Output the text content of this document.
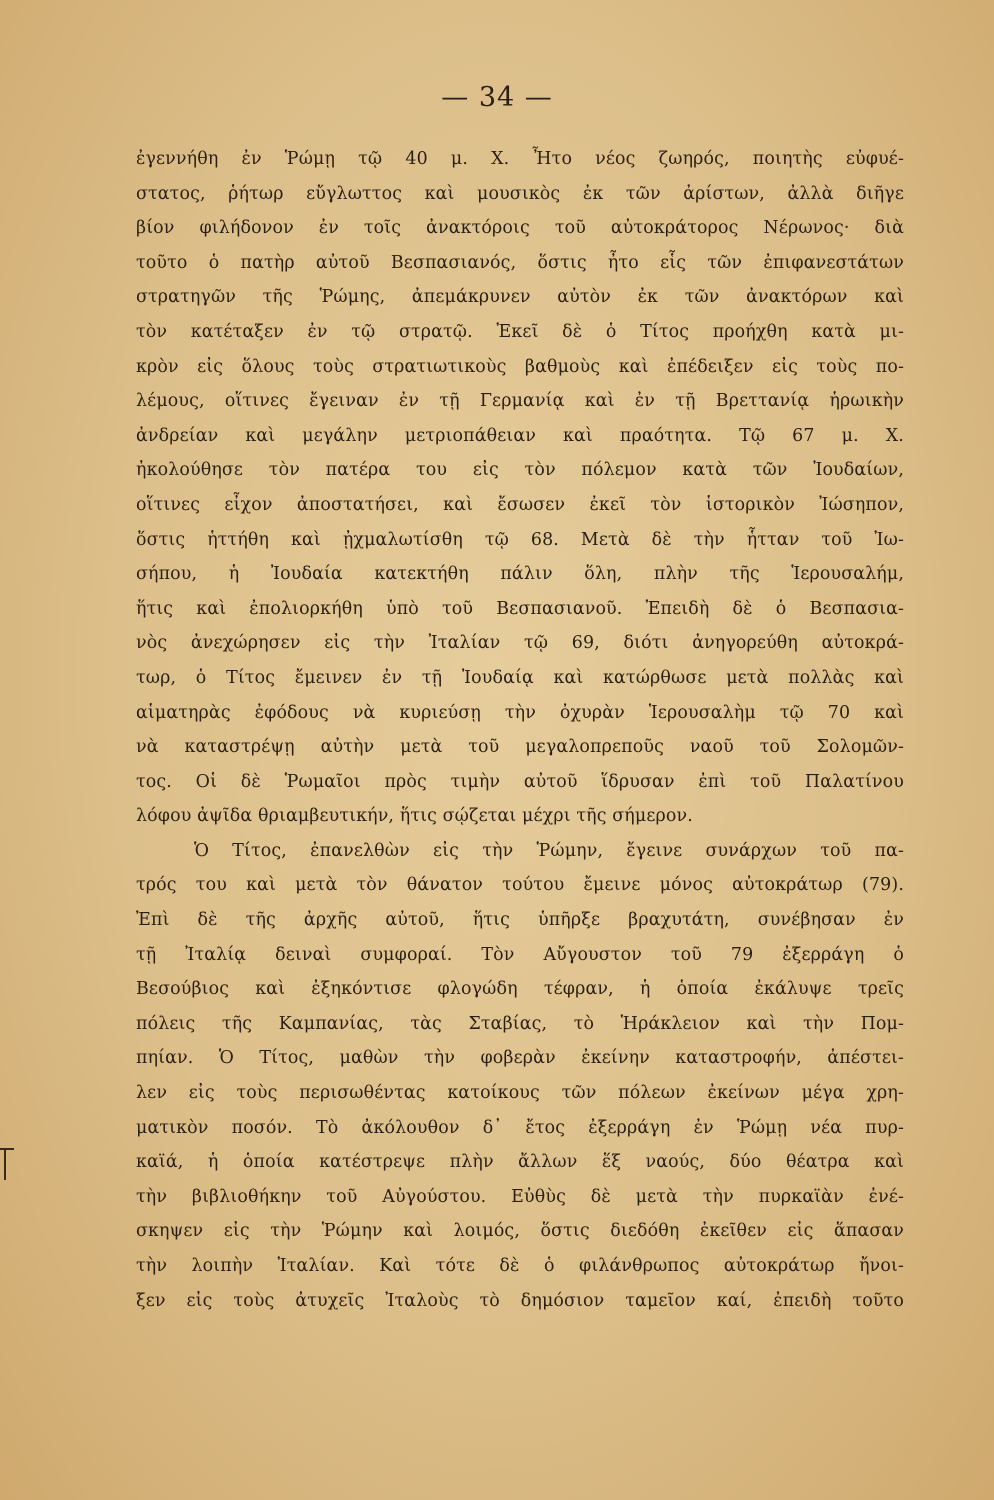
— 34 —
ἐγεννήθη ἐν Ῥώμῃ τῷ 40 μ. Χ. Ἦτο νέος ζωηρός, ποιητὴς εὐφυέ-
στατος, ῥήτωρ εὔγλωττος καὶ μουσικὸς ἐκ τῶν ἀρίστων, ἀλλὰ διῆγε
βίον φιλήδονον ἐν τοῖς ἀνακτόροις τοῦ αὐτοκράτορος Νέρωνος· διὰ
τοῦτο ὁ πατὴρ αὐτοῦ Βεσπασιανός, ὅστις ἦτο εἷς τῶν ἐπιφανεστάτων
στρατηγῶν τῆς Ῥώμης, ἀπεμάκρυνεν αὐτὸν ἐκ τῶν ἀνακτόρων καὶ
τὸν κατέταξεν ἐν τῷ στρατῷ. Ἐκεῖ δὲ ὁ Τίτος προήχθη κατὰ μι-
κρὸν εἰς ὅλους τοὺς στρατιωτικοὺς βαθμοὺς καὶ ἐπέδειξεν εἰς τοὺς πο-
λέμους, οἵτινες ἔγειναν ἐν τῇ Γερμανίᾳ καὶ ἐν τῇ Βρεττανίᾳ ἡρωικὴν
ἀνδρείαν καὶ μεγάλην μετριοπάθειαν καὶ πραότητα. Τῷ 67 μ. Χ.
ἠκολούθησε τὸν πατέρα του εἰς τὸν πόλεμον κατὰ τῶν Ἰουδαίων,
οἵτινες εἶχον ἀποστατήσει, καὶ ἔσωσεν ἐκεῖ τὸν ἱστορικὸν Ἰώσηπον,
ὅστις ἡττήθη καὶ ᾐχμαλωτίσθη τῷ 68. Μετὰ δὲ τὴν ἧτταν τοῦ Ἰω-
σήπου, ἡ Ἰουδαία κατεκτήθη πάλιν ὅλη, πλὴν τῆς Ἱερουσαλήμ,
ἥτις καὶ ἐπολιορκήθη ὑπὸ τοῦ Βεσπασιανοῦ. Ἐπειδὴ δὲ ὁ Βεσπασια-
νὸς ἀνεχώρησεν εἰς τὴν Ἰταλίαν τῷ 69, διότι ἀνηγορεύθη αὐτοκρά-
τωρ, ὁ Τίτος ἔμεινεν ἐν τῇ Ἰουδαίᾳ καὶ κατώρθωσε μετὰ πολλὰς καὶ
αἱματηρὰς ἐφόδους νὰ κυριεύσῃ τὴν ὀχυρὰν Ἱερουσαλὴμ τῷ 70 καὶ
νὰ καταστρέψῃ αὐτὴν μετὰ τοῦ μεγαλοπρεποῦς ναοῦ τοῦ Σολομῶν-
τος. Οἱ δὲ Ῥωμαῖοι πρὸς τιμὴν αὐτοῦ ἵδρυσαν ἐπὶ τοῦ Παλατίνου
λόφου ἀψῖδα θριαμβευτικήν, ἥτις σῴζεται μέχρι τῆς σήμερον.
Ὁ Τίτος, ἐπανελθὼν εἰς τὴν Ῥώμην, ἔγεινε συνάρχων τοῦ πα-
τρός του καὶ μετὰ τὸν θάνατον τούτου ἔμεινε μόνος αὐτοκράτωρ (79).
Ἐπὶ δὲ τῆς ἀρχῆς αὐτοῦ, ἥτις ὑπῆρξε βραχυτάτη, συνέβησαν ἐν
τῇ Ἰταλίᾳ δειναὶ συμφοραί. Τὸν Αὔγουστον τοῦ 79 ἐξερράγη ὁ
Βεσούβιος καὶ ἐξηκόντισε φλογώδη τέφραν, ἡ ὁποία ἐκάλυψε τρεῖς
πόλεις τῆς Καμπανίας, τὰς Σταβίας, τὸ Ἡράκλειον καὶ τὴν Πομ-
πηίαν. Ὁ Τίτος, μαθὼν τὴν φοβερὰν ἐκείνην καταστροφήν, ἀπέστει-
λεν εἰς τοὺς περισωθέντας κατοίκους τῶν πόλεων ἐκείνων μέγα χρη-
ματικὸν ποσόν. Τὸ ἀκόλουθον δ᾽ ἔτος ἐξερράγη ἐν Ῥώμῃ νέα πυρ-
καϊά, ἡ ὁποία κατέστρεψε πλὴν ἄλλων ἕξ ναούς, δύο θέατρα καὶ
τὴν βιβλιοθήκην τοῦ Αὐγούστου. Εὐθὺς δὲ μετὰ τὴν πυρκαϊὰν ἐνέ-
σκηψεν εἰς τὴν Ῥώμην καὶ λοιμός, ὅστις διεδόθη ἐκεῖθεν εἰς ἅπασαν
τὴν λοιπὴν Ἰταλίαν. Καὶ τότε δὲ ὁ φιλάνθρωπος αὐτοκράτωρ ἤνοι-
ξεν εἰς τοὺς ἀτυχεῖς Ἰταλοὺς τὸ δημόσιον ταμεῖον καί, ἐπειδὴ τοῦτο
